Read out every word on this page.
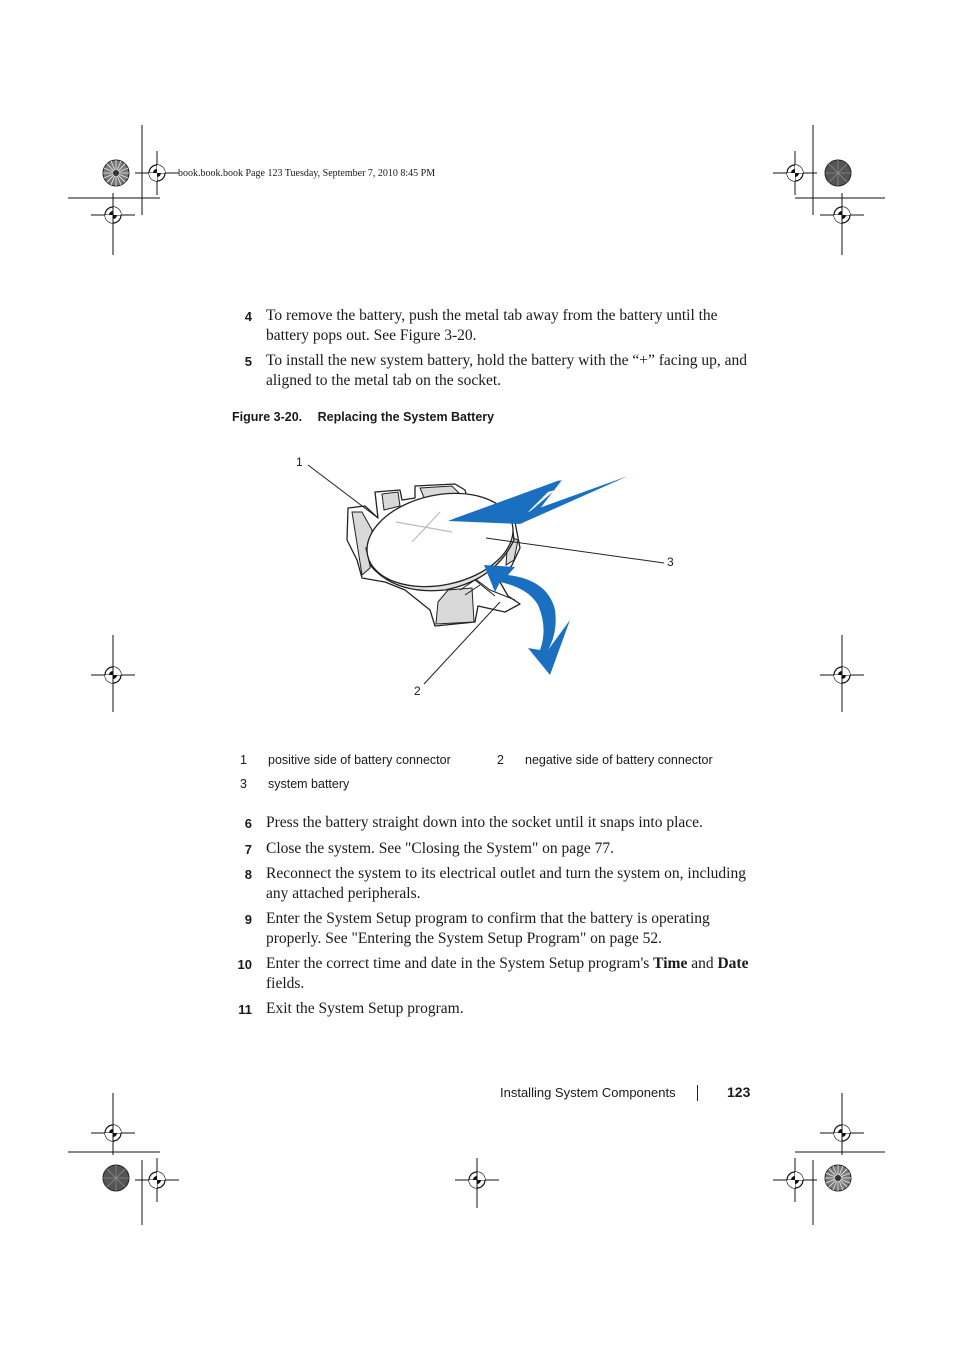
book.book.book Page 123 Tuesday, September 7, 2010 8:45 PM
4 To remove the battery, push the metal tab away from the battery until the battery pops out. See Figure 3-20.
5 To install the new system battery, hold the battery with the “+” facing up, and aligned to the metal tab on the socket.
Figure 3-20. Replacing the System Battery
1
3
2
1 positive side of battery connector	2 negative side of battery connector
3 system battery
6 Press the battery straight down into the socket until it snaps into place.
7 Close the system. See "Closing the System" on page 77.
8 Reconnect the system to its electrical outlet and turn the system on, including any attached peripherals.
9 Enter the System Setup program to confirm that the battery is operating properly. See "Entering the System Setup Program" on page 52.
10 Enter the correct time and date in the System Setup program's Time and Date fields.
11 Exit the System Setup program.
Installing System Components	123
